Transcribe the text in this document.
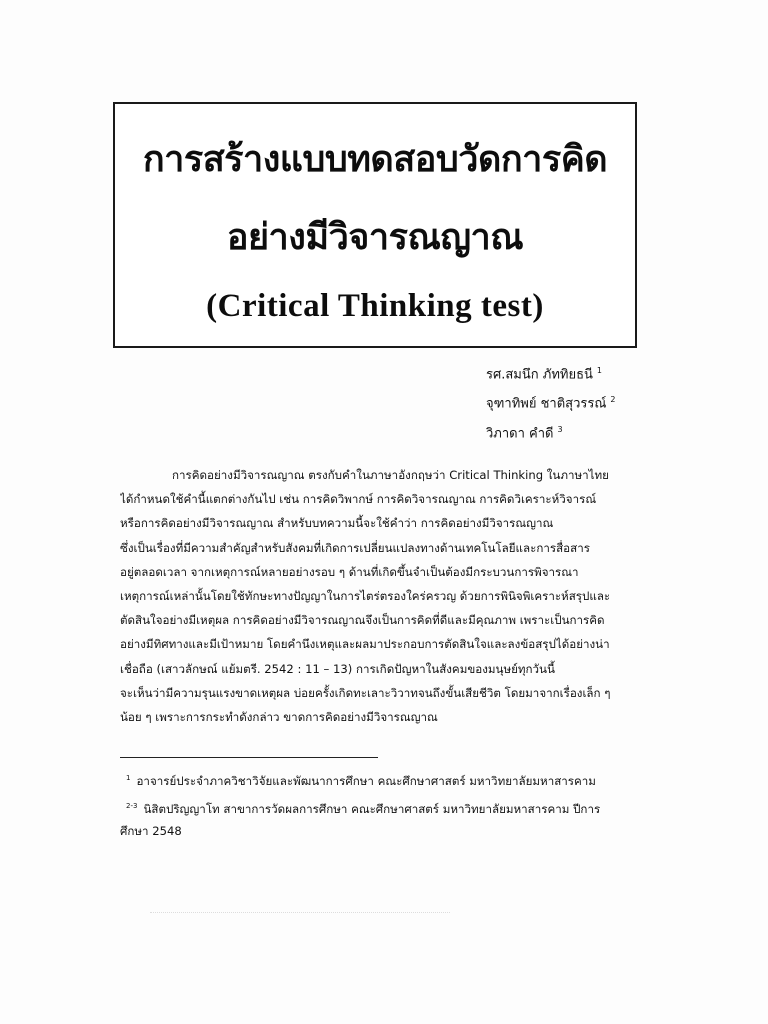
การสร้างแบบทดสอบวัดการคิด
อย่างมีวิจารณญาณ
(Critical Thinking test)
รศ.สมนึก ภัททิยธนี $^1$
จุฑาทิพย์ ชาติสุวรรณ์ $^2$
วิภาดา คำดี $^3$
การคิดอย่างมีวิจารณญาณ ตรงกับคำในภาษาอังกฤษว่า Critical Thinking ในภาษาไทย
ได้กำหนดใช้คำนี้แตกต่างกันไป เช่น การคิดวิพากษ์ การคิดวิจารณญาณ การคิดวิเคราะห์วิจารณ์
หรือการคิดอย่างมีวิจารณญาณ สำหรับบทความนี้จะใช้คำว่า การคิดอย่างมีวิจารณญาณ
ซึ่งเป็นเรื่องที่มีความสำคัญสำหรับสังคมที่เกิดการเปลี่ยนแปลงทางด้านเทคโนโลยีและการสื่อสาร
อยู่ตลอดเวลา จากเหตุการณ์หลายอย่างรอบ ๆ ด้านที่เกิดขึ้นจำเป็นต้องมีกระบวนการพิจารณา
เหตุการณ์เหล่านั้นโดยใช้ทักษะทางปัญญาในการไตร่ตรองใคร่ครวญ ด้วยการพินิจพิเคราะห์สรุปและ
ตัดสินใจอย่างมีเหตุผล การคิดอย่างมีวิจารณญาณจึงเป็นการคิดที่ดีและมีคุณภาพ เพราะเป็นการคิด
อย่างมีทิศทางและมีเป้าหมาย โดยคำนึงเหตุและผลมาประกอบการตัดสินใจและลงข้อสรุปได้อย่างน่า
เชื่อถือ (เสาวลักษณ์ แย้มตรี. 2542 : 11 – 13) การเกิดปัญหาในสังคมของมนุษย์ทุกวันนี้
จะเห็นว่ามีความรุนแรงขาดเหตุผล บ่อยครั้งเกิดทะเลาะวิวาทจนถึงขั้นเสียชีวิต โดยมาจากเรื่องเล็ก ๆ
น้อย ๆ เพราะการกระทำดังกล่าว ขาดการคิดอย่างมีวิจารณญาณ
$^1$ อาจารย์ประจำภาควิชาวิจัยและพัฒนาการศึกษา คณะศึกษาศาสตร์ มหาวิทยาลัยมหาสารคาม
$^{2-3}$ นิสิตปริญญาโท สาขาการวัดผลการศึกษา คณะศึกษาศาสตร์ มหาวิทยาลัยมหาสารคาม ปีการ
ศึกษา 2548
